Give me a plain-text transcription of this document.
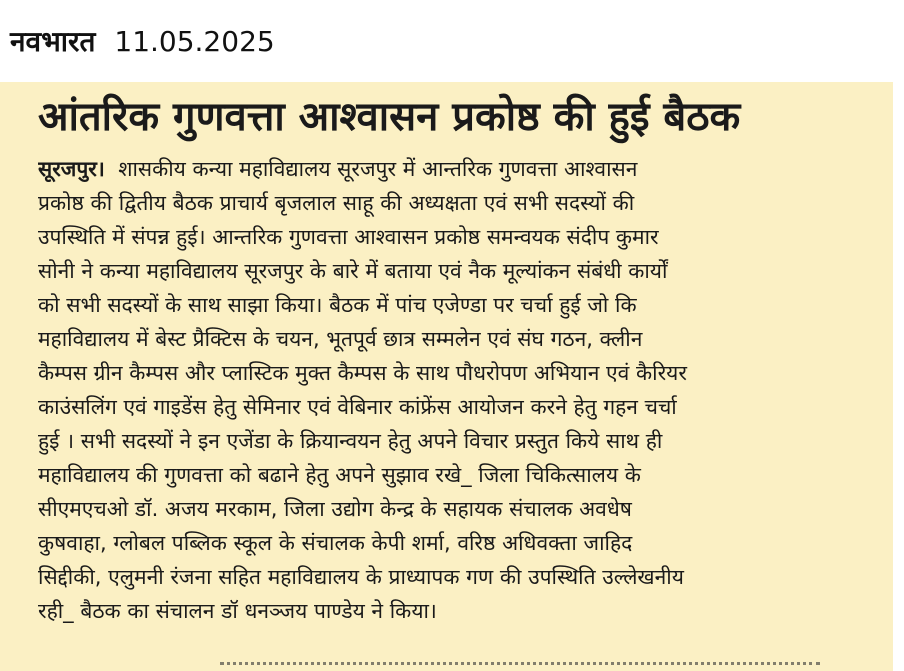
नवभारत 11.05.2025
आंतरिक गुणवत्ता आश्वासन प्रकोष्ठ की हुई बैठक
सूरजपुर। शासकीय कन्या महाविद्यालय सूरजपुर में आन्तरिक गुणवत्ता आश्वासन
प्रकोष्ठ की द्वितीय बैठक प्राचार्य बृजलाल साहू की अध्यक्षता एवं सभी सदस्यों की
उपस्थिति में संपन्न हुई। आन्तरिक गुणवत्ता आश्वासन प्रकोष्ठ समन्वयक संदीप कुमार
सोनी ने कन्या महाविद्यालय सूरजपुर के बारे में बताया एवं नैक मूल्यांकन संबंधी कार्यों
को सभी सदस्यों के साथ साझा किया। बैठक में पांच एजेण्डा पर चर्चा हुई जो कि
महाविद्यालय में बेस्ट प्रैक्टिस के चयन, भूतपूर्व छात्र सम्मलेन एवं संघ गठन, क्लीन
कैम्पस ग्रीन कैम्पस और प्लास्टिक मुक्त कैम्पस के साथ पौधरोपण अभियान एवं कैरियर
काउंसलिंग एवं गाइडेंस हेतु सेमिनार एवं वेबिनार कांफ्रेंस आयोजन करने हेतु गहन चर्चा
हुई । सभी सदस्यों ने इन एजेंडा के क्रियान्वयन हेतु अपने विचार प्रस्तुत किये साथ ही
महाविद्यालय की गुणवत्ता को बढाने हेतु अपने सुझाव रखे_ जिला चिकित्सालय के
सीएमएचओ डॉ. अजय मरकाम, जिला उद्योग केन्द्र के सहायक संचालक अवधेष
कुषवाहा, ग्लोबल पब्लिक स्कूल के संचालक केपी शर्मा, वरिष्ठ अधिवक्ता जाहिद
सिद्दीकी, एलुमनी रंजना सहित महाविद्यालय के प्राध्यापक गण की उपस्थिति उल्लेखनीय
रही_ बैठक का संचालन डॉ धनञ्जय पाण्डेय ने किया।
